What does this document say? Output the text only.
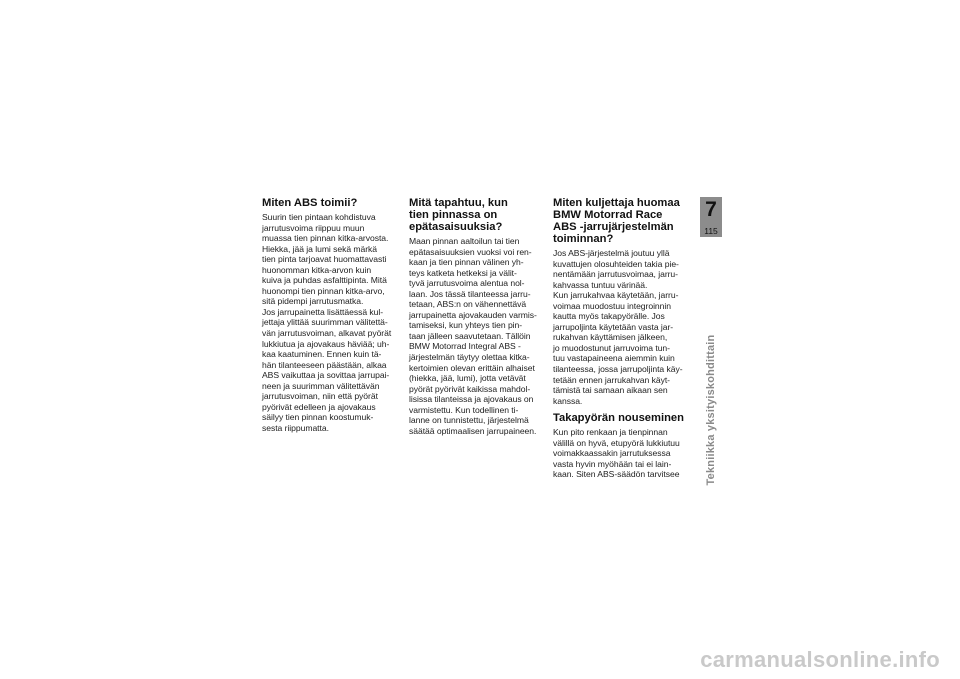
Miten ABS toimii?
Suurin tien pintaan kohdistuva
jarrutusvoima riippuu muun
muassa tien pinnan kitka-arvosta.
Hiekka, jää ja lumi sekä märkä
tien pinta tarjoavat huomattavasti
huonomman kitka-arvon kuin
kuiva ja puhdas asfalttipinta. Mitä
huonompi tien pinnan kitka-arvo,
sitä pidempi jarrutusmatka.
Jos jarrupainetta lisättäessä kul-
jettaja ylittää suurimman välitettä-
vän jarrutusvoiman, alkavat pyörät
lukkiutua ja ajovakaus häviää; uh-
kaa kaatuminen. Ennen kuin tä-
hän tilanteeseen päästään, alkaa
ABS vaikuttaa ja sovittaa jarrupai-
neen ja suurimman välitettävän
jarrutusvoiman, niin että pyörät
pyörivät edelleen ja ajovakaus
säilyy tien pinnan koostumuk-
sesta riippumatta.
Mitä tapahtuu, kun
tien pinnassa on
epätasaisuuksia?
Maan pinnan aaltoilun tai tien
epätasaisuuksien vuoksi voi ren-
kaan ja tien pinnan välinen yh-
teys katketa hetkeksi ja välit-
tyvä jarrutusvoima alentua nol-
laan. Jos tässä tilanteessa jarru-
tetaan, ABS:n on vähennettävä
jarrupainetta ajovakauden varmis-
tamiseksi, kun yhteys tien pin-
taan jälleen saavutetaan. Tällöin
BMW Motorrad Integral ABS -
järjestelmän täytyy olettaa kitka-
kertoimien olevan erittäin alhaiset
(hiekka, jää, lumi), jotta vetävät
pyörät pyörivät kaikissa mahdol-
lisissa tilanteissa ja ajovakaus on
varmistettu. Kun todellinen ti-
lanne on tunnistettu, järjestelmä
säätää optimaalisen jarrupaineen.
Miten kuljettaja huomaa
BMW Motorrad Race
ABS -jarrujärjestelmän
toiminnan?
Jos ABS-järjestelmä joutuu yllä
kuvattujen olosuhteiden takia pie-
nentämään jarrutusvoimaa, jarru-
kahvassa tuntuu värinää.
Kun jarrukahvaa käytetään, jarru-
voimaa muodostuu integroinnin
kautta myös takapyörälle. Jos
jarrupoljinta käytetään vasta jar-
rukahvan käyttämisen jälkeen,
jo muodostunut jarruvoima tun-
tuu vastapaineena aiemmin kuin
tilanteessa, jossa jarrupoljinta käy-
tetään ennen jarrukahvan käyt-
tämistä tai samaan aikaan sen
kanssa.
Takapyörän nouseminen
Kun pito renkaan ja tienpinnan
välillä on hyvä, etupyörä lukkiutuu
voimakkaassakin jarrutuksessa
vasta hyvin myöhään tai ei lain-
kaan. Siten ABS-säädön tarvitsee
7
115
Tekniikka yksityiskohdittain
carmanualsonline.info
